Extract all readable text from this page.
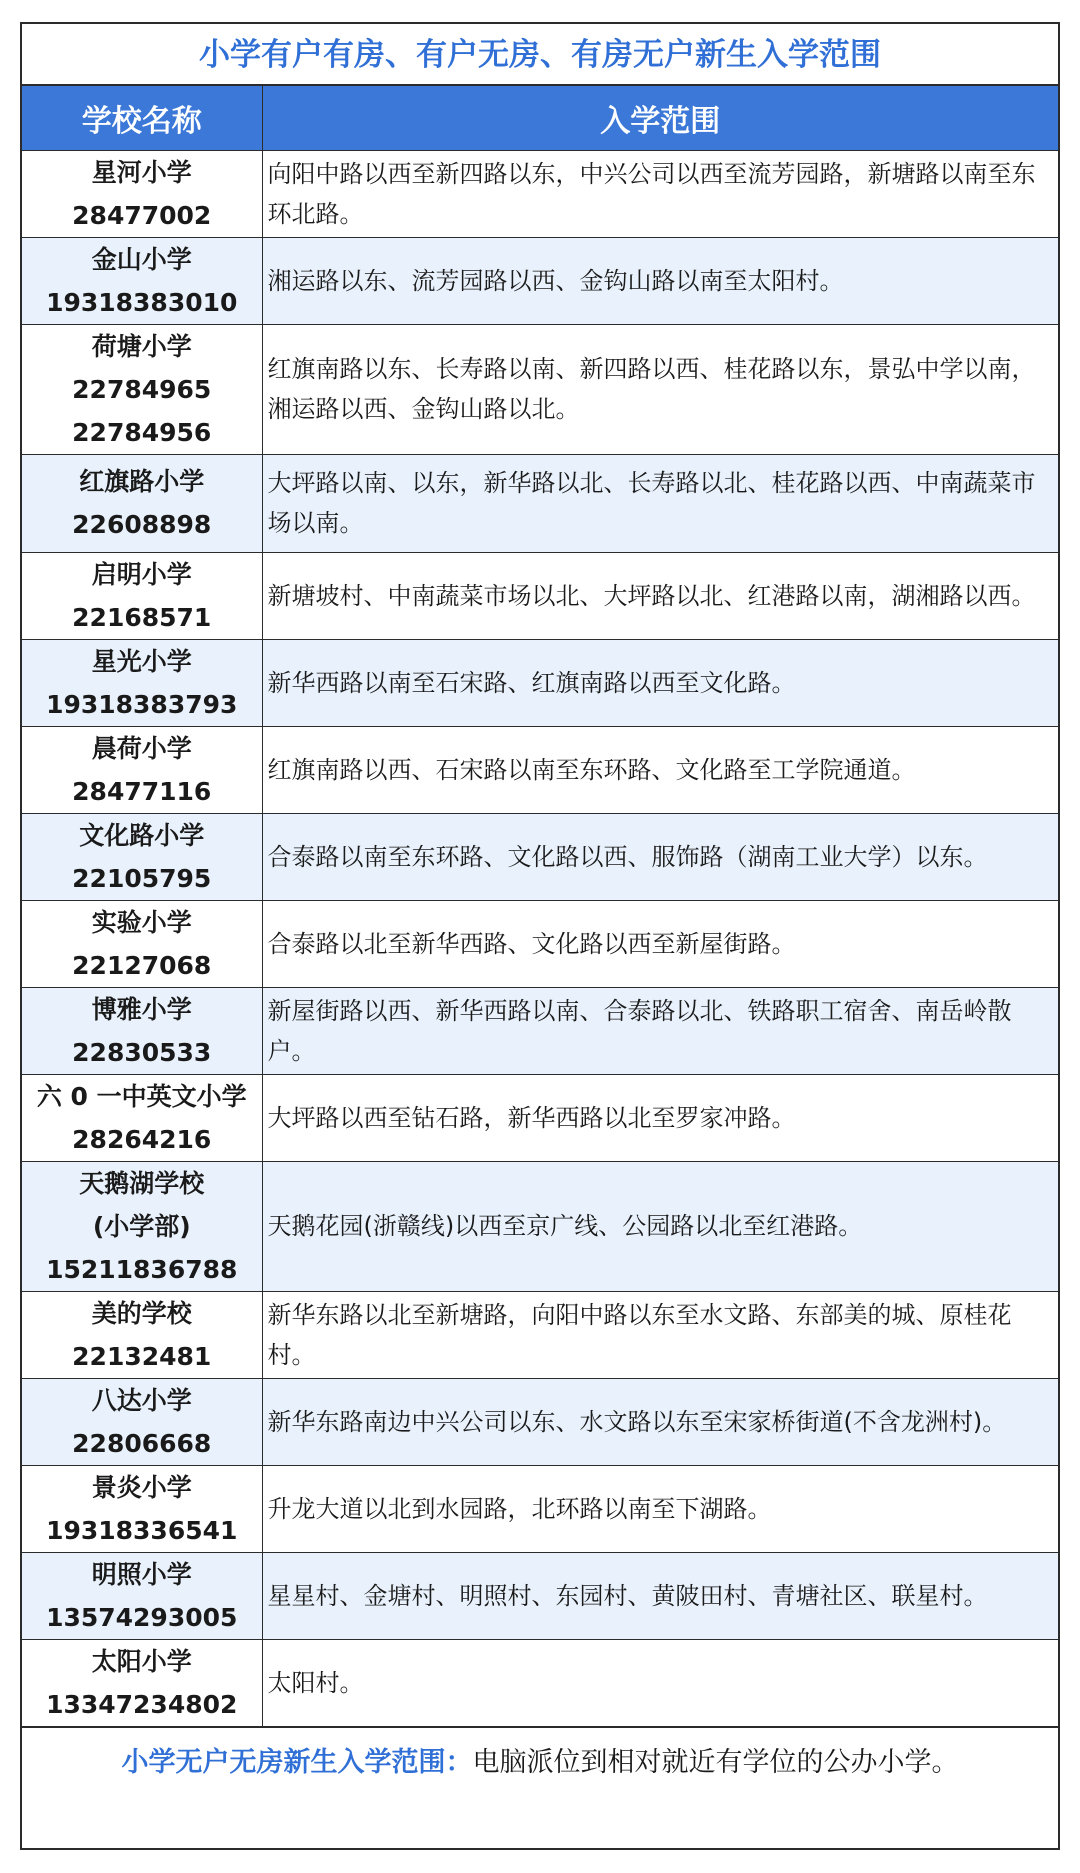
小学有户有房、有户无房、有房无户新生入学范围
学校名称	入学范围

星河小学
28477002	向阳中路以西至新四路以东，中兴公司以西至流芳园路，新塘路以南至东环北路。

金山小学
19318383010	湘运路以东、流芳园路以西、金钩山路以南至太阳村。

荷塘小学
22784965
22784956	红旗南路以东、长寿路以南、新四路以西、桂花路以东，景弘中学以南，湘运路以西、金钩山路以北。

红旗路小学
22608898	大坪路以南、以东，新华路以北、长寿路以北、桂花路以西、中南蔬菜市场以南。

启明小学
22168571	新塘坡村、中南蔬菜市场以北、大坪路以北、红港路以南，湖湘路以西。

星光小学
19318383793	新华西路以南至石宋路、红旗南路以西至文化路。

晨荷小学
28477116	红旗南路以西、石宋路以南至东环路、文化路至工学院通道。

文化路小学
22105795	合泰路以南至东环路、文化路以西、服饰路（湖南工业大学）以东。

实验小学
22127068	合泰路以北至新华西路、文化路以西至新屋街路。

博雅小学
22830533	新屋街路以西、新华西路以南、合泰路以北、铁路职工宿舍、南岳岭散户。

六 0 一中英文小学
28264216	大坪路以西至钻石路，新华西路以北至罗家冲路。

天鹅湖学校
(小学部)
15211836788	天鹅花园(浙赣线)以西至京广线、公园路以北至红港路。

美的学校
22132481	新华东路以北至新塘路，向阳中路以东至水文路、东部美的城、原桂花村。

八达小学
22806668	新华东路南边中兴公司以东、水文路以东至宋家桥街道(不含龙洲村)。

景炎小学
19318336541	升龙大道以北到水园路，北环路以南至下湖路。

明照小学
13574293005	星星村、金塘村、明照村、东园村、黄陂田村、青塘社区、联星村。

太阳小学
13347234802	太阳村。
小学无户无房新生入学范围：电脑派位到相对就近有学位的公办小学。
